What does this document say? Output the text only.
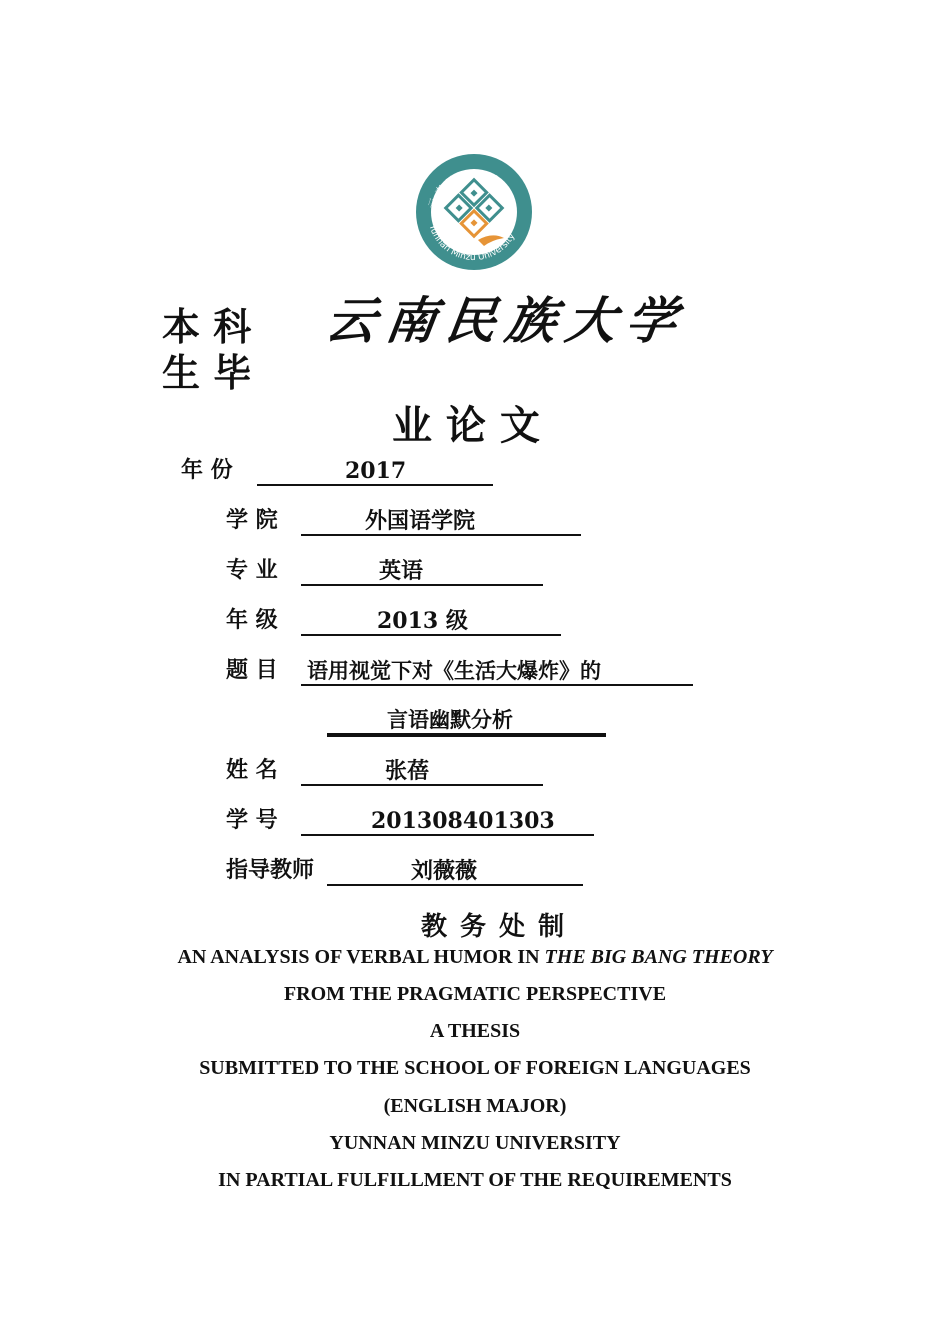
云 南 民 族 大 学
Yunnan Minzu University
本 科 云南民族大学
生 毕
业 论 文
年 份	2017
学 院	外国语学院
专 业	英语
年 级	2013 级
题 目 语用视觉下对《生活大爆炸》的
言语幽默分析
姓 名	张蓓
学 号	201308401303
指导教师	刘薇薇
教 务 处 制
AN ANALYSIS OF VERBAL HUMOR IN THE BIG BANG THEORY
FROM THE PRAGMATIC PERSPECTIVE
A THESIS
SUBMITTED TO THE SCHOOL OF FOREIGN LANGUAGES
(ENGLISH MAJOR)
YUNNAN MINZU UNIVERSITY
IN PARTIAL FULFILLMENT OF THE REQUIREMENTS
